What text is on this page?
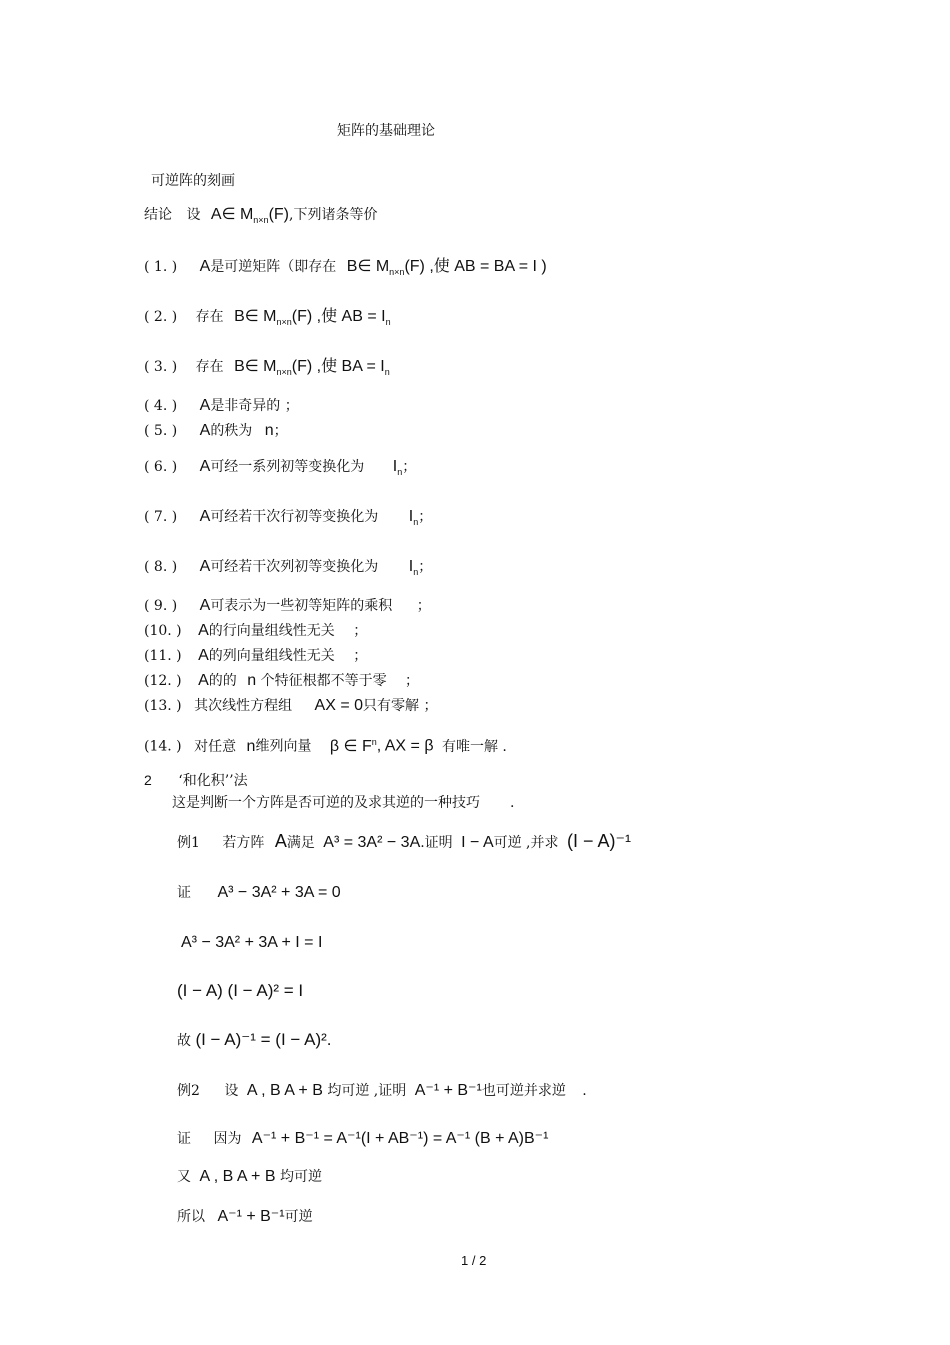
矩阵的基础理论
可逆阵的刻画
结论 设 A∈ $M_{n\times n}(F)$,下列诸条等价
( 1. ) A是可逆矩阵（即存在 B∈ $M_{n\times n}(F)$ ,使 AB = BA = I )
( 2. ) 存在 B∈ $M_{n\times n}(F)$ ,使 AB = $I_n$
( 3. ) 存在 B∈ $M_{n\times n}(F)$ ,使 BA = $I_n$
( 4. ) A是非奇异的 ；
( 5. ) A的秩为 n；
( 6. ) A可经一系列初等变换化为 $I_n$；
( 7. ) A可经若干次行初等变换化为 $I_n$；
( 8. ) A可经若干次列初等变换化为 $I_n$；
( 9. ) A可表示为一些初等矩阵的乘积 ；
(10. ) A的行向量组线性无关 ；
(11. ) A的列向量组线性无关 ；
(12. ) A的的 n 个特征根都不等于零 ；
(13. ) 其次线性方程组 AX = 0只有零解 ；
(14. ) 对任意 n维列向量 β ∈ $F^n$, AX = β 有唯一解 .
2 ‘和化积’’法
这是判断一个方阵是否可逆的及求其逆的一种技巧 .
例1 若方阵 A满足 A³ = 3A² − 3A.证明 I − A可逆 ,并求 (I − A)⁻¹
证 A³ − 3A² + 3A = 0
A³ − 3A² + 3A + I = I
(I − A) (I − A)² = I
故 (I − A)⁻¹ = (I − A)².
例2 设 A , B A + B 均可逆 ,证明 A⁻¹ + B⁻¹也可逆并求逆 .
证 因为 A⁻¹ + B⁻¹ = A⁻¹(I + AB⁻¹) = A⁻¹ (B + A)B⁻¹
又 A , B A + B 均可逆
所以 A⁻¹ + B⁻¹可逆
1 / 2
